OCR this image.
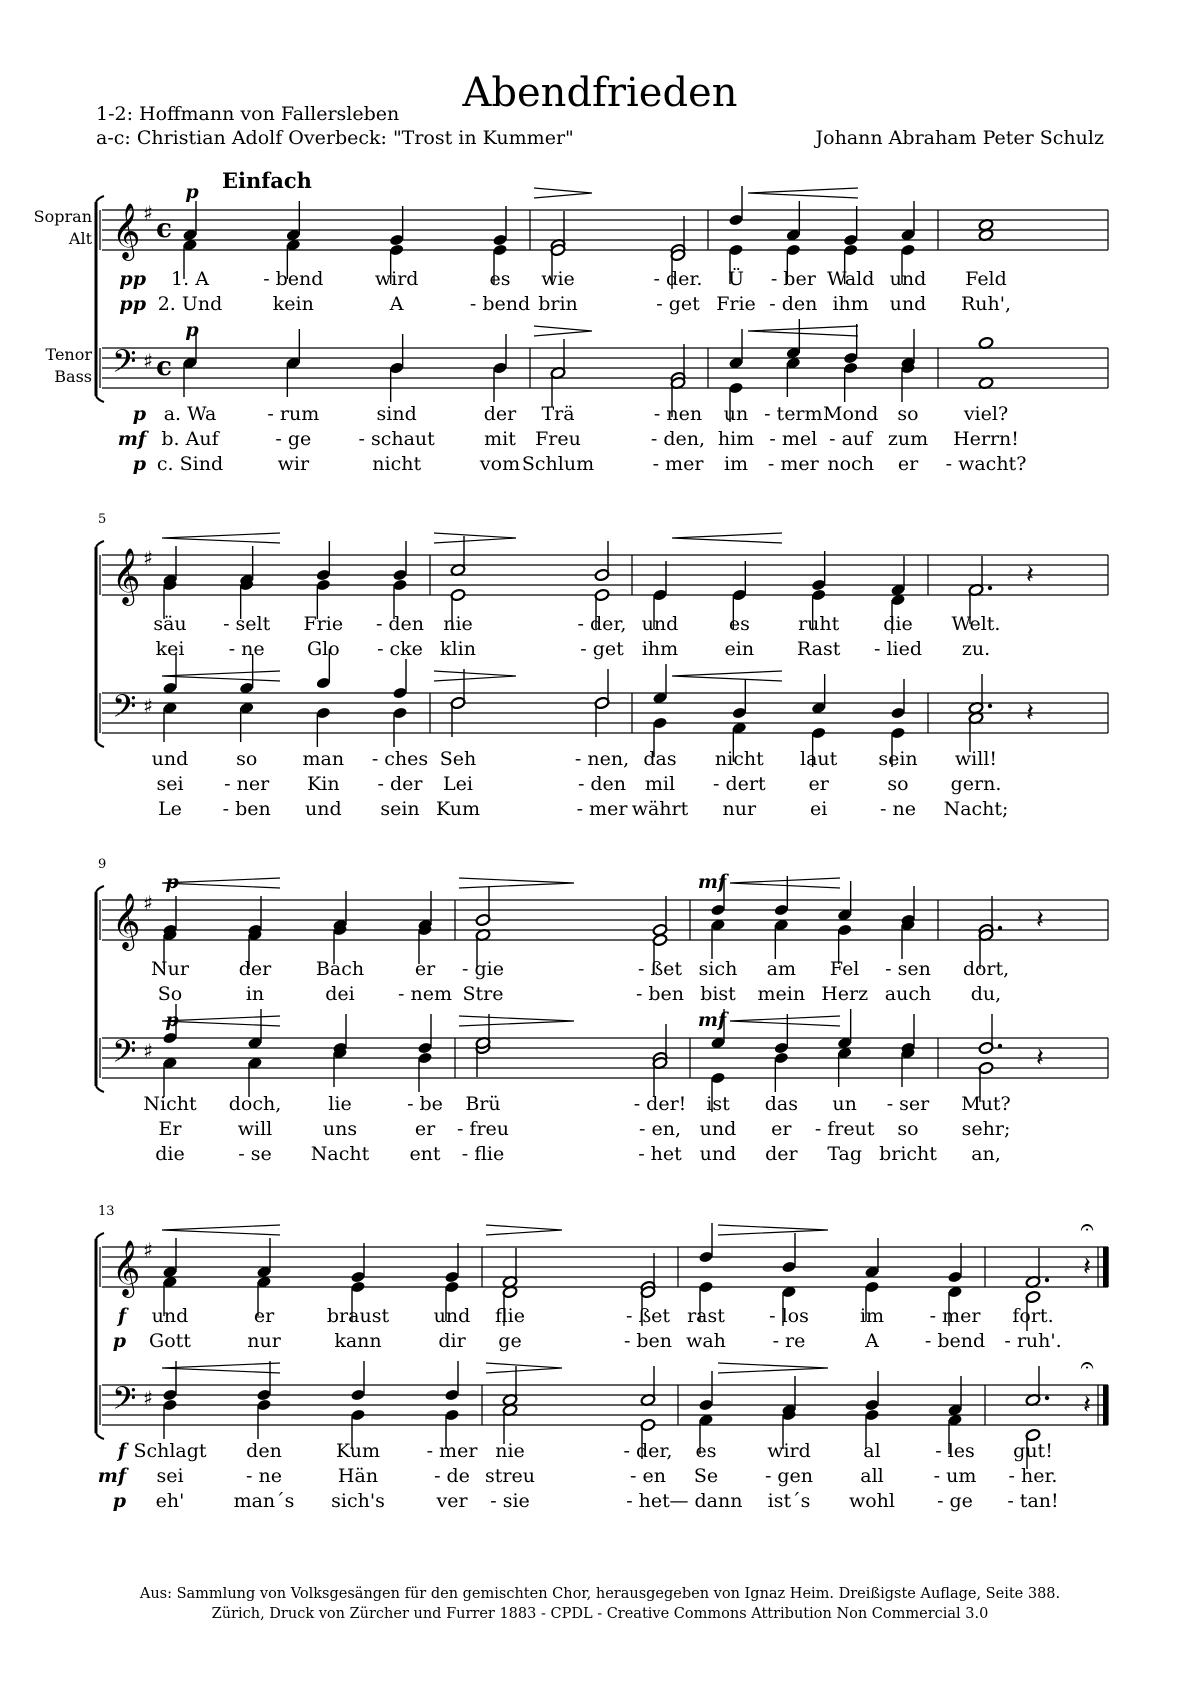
Abendfrieden
1-2: Hoffmann von Fallersleben
a-c: Christian Adolf Overbeck: "Trost in Kummer"	Johann Abraham Peter Schulz
𝄞
𝄢
♯
♯
c
c
pp 1. A	- bend	wird	es wie	- der. Ü - ber Wald und Feld
pp 2. Und	kein	A	- bend brin	- get Frie - den ihm und Ruh',
p a. Wa	- rum	sind	der Trä	- nen un - term Mond so viel?
mf b. Auf	- ge - schaut	mit Freu	- den, him - mel - auf zum Herrn!
p c. Sind	wir	nicht	vom Schlum	- mer im - mer noch er - wacht?
p
p
𝄞
𝄢
♯
♯
𝄽
𝄽
säu - selt Frie - den nie	- der, und	es	ruht die Welt.
kei - ne Glo - cke klin	- get ihm ein Rast - lied zu.
und	so man - ches Seh	- nen, das nicht laut sein will!
sei - ner Kin - der Lei	- den mil - dert er	so gern.
Le - ben und sein Kum	- mer währt nur	ei	- ne Nacht;
5
𝄞
𝄢
♯
♯
𝄽
𝄽
Nur	der Bach	er - gie	- ßet sich am Fel - sen dort,
So	in	dei - nem Stre	- ben bist mein Herz auch du,
Nicht doch, lie	- be Brü	- der! ist das un - ser Mut?
Er	will	uns	er - freu	- en, und er - freut so sehr;
die	- se Nacht ent - flie	- het und der Tag bricht an,
p
p
mf
mf
9
𝄞
𝄢
♯
♯
𝄽
𝄽
𝄐
𝄐
f und	er	braust und flie	- ßet rast - los	im - mer fort.
p Gott	nur	kann	dir ge	- ben wah - re	A - bend - ruh'.
f Schlagt den	Kum - mer nie	- der, es	wird	al	- les gut!
mf sei	- ne	Hän	- de streu	- en Se - gen all	- um - her.
p eh'	man´s sich's	ver - sie	- het — dann ist´s wohl - ge - tan!
13
Einfach
Sopran
Alt
Tenor
Bass
Aus: Sammlung von Volksgesängen für den gemischten Chor, herausgegeben von Ignaz Heim. Dreißigste Auflage, Seite 388.
Zürich, Druck von Zürcher und Furrer 1883 - CPDL - Creative Commons Attribution Non Commercial 3.0
